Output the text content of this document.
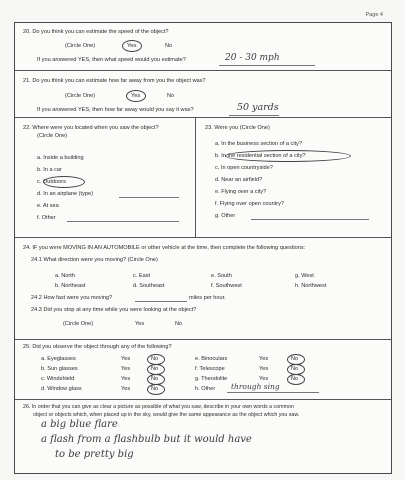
Page 4
20. Do you think you can estimate the speed of the object?
(Circle One)	Yes	No
If you answered YES, then what speed would you estimate?	20 - 30 mph
21. Do you think you can estimate how far away from you the object was?
(Circle One)	Yes	No
If you answered YES, then how far away would you say it was?	50 yards
22. Where were you located when you saw the object?
(Circle One)
a. Inside a building
b. In a car
c. Outdoors
d. In an airplane (type)
e. At sea
f. Other
23. Were you (Circle One)
a. In the business section of a city?
b. In the residential section of a city?
c. In open countryside?
d. Near an airfield?
e. Flying over a city?
f. Flying over open country?
g. Other
24. IF you were MOVING IN AN AUTOMOBILE or other vehicle at the time, then complete the following questions:
24.1 What direction were you moving? (Circle One)
a. North
b. Northeast
c. East
d. Southeast
e. South
f. Southwest
g. West
h. Northwest
24.2 How fast were you moving?	miles per hour.
24.3 Did you stop at any time while you were looking at the object?
(Circle One)	Yes	No
25. Did you observe the object through any of the following?
a. Eyeglasses	Yes	No
b. Sun glasses	Yes	No
c. Windshield	Yes	No
d. Window glass	Yes	No
e. Binoculars	Yes	No
f. Telescope	Yes	No
g. Theodolite	Yes	No
h. Other through sing
26. In order that you can give as clear a picture as possible of what you saw, describe in your own words a common
object or objects which, when placed up in the sky, would give the same appearance as the object which you saw.
a big blue flare
a flash from a flashbulb but it would have
to be pretty big
